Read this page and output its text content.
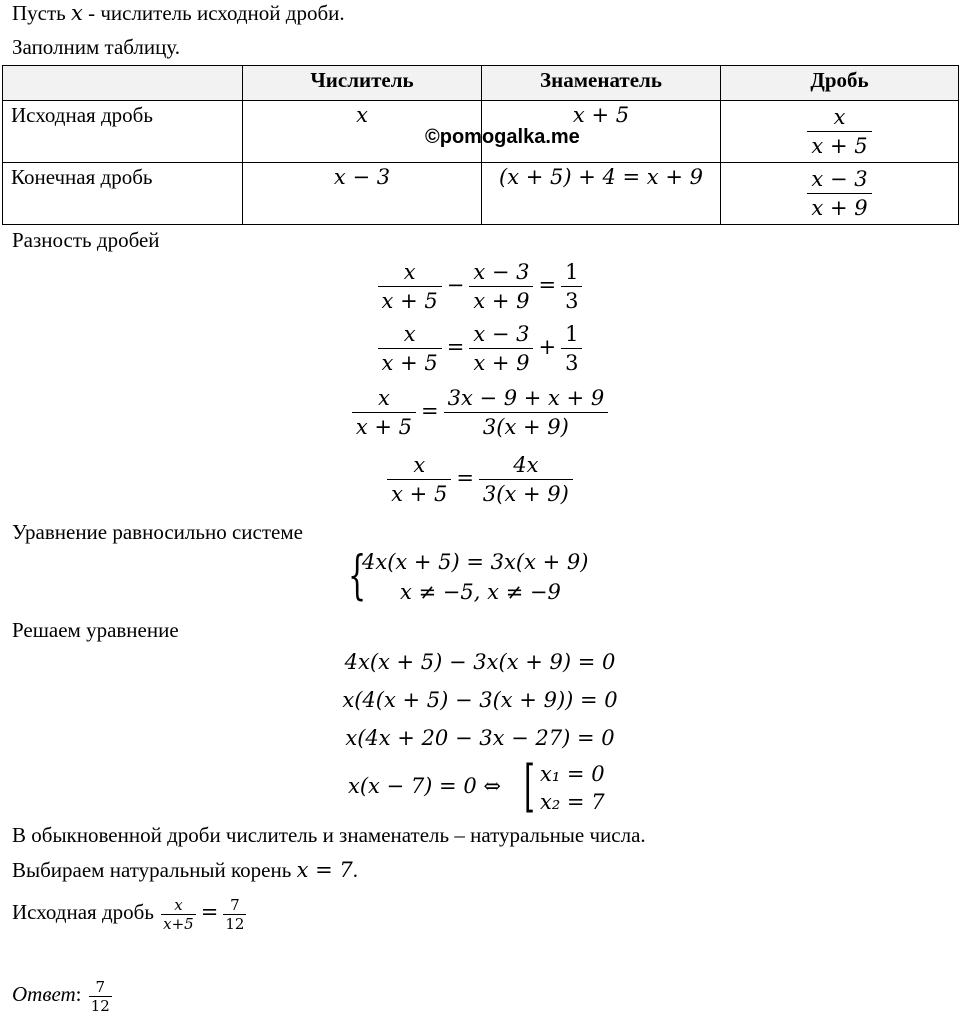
Пусть x - числитель исходной дроби.
Заполним таблицу.
	Числитель	Знаменатель	Дробь
Исходная дробь	x	x + 5	$\frac{x}{x + 5}$

Конечная дробь	x − 3	(x + 5) + 4 = x + 9	$\frac{x - 3}{x + 9}$
©pomogalka.me
Разность дробей
$\frac{x}{x + 5} - \frac{x - 3}{x + 9} = \frac{1}{3}$
$\frac{x}{x + 5} = \frac{x - 3}{x + 9} + \frac{1}{3}$
$\frac{x}{x + 5} = \frac{3x - 9 + x + 9}{3(x + 9)}$
$\frac{x}{x + 5} = \frac{4x}{3(x + 9)}$
Уравнение равносильно системе
{
4x(x + 5) = 3x(x + 9)
x ≠ −5, x ≠ −9
Решаем уравнение
4x(x + 5) − 3x(x + 9) = 0
x(4(x + 5) − 3(x + 9)) = 0
x(4x + 20 − 3x − 27) = 0
x(x − 7) = 0 ⇔ [ x₁ = 0
x₂ = 7
В обыкновенной дроби числитель и знаменатель – натуральные числа.
Выбираем натуральный корень x = 7.
Исходная дробь $\frac{x}{x+5} = \frac{7}{12}$
Ответ: $\frac{7}{12}$
